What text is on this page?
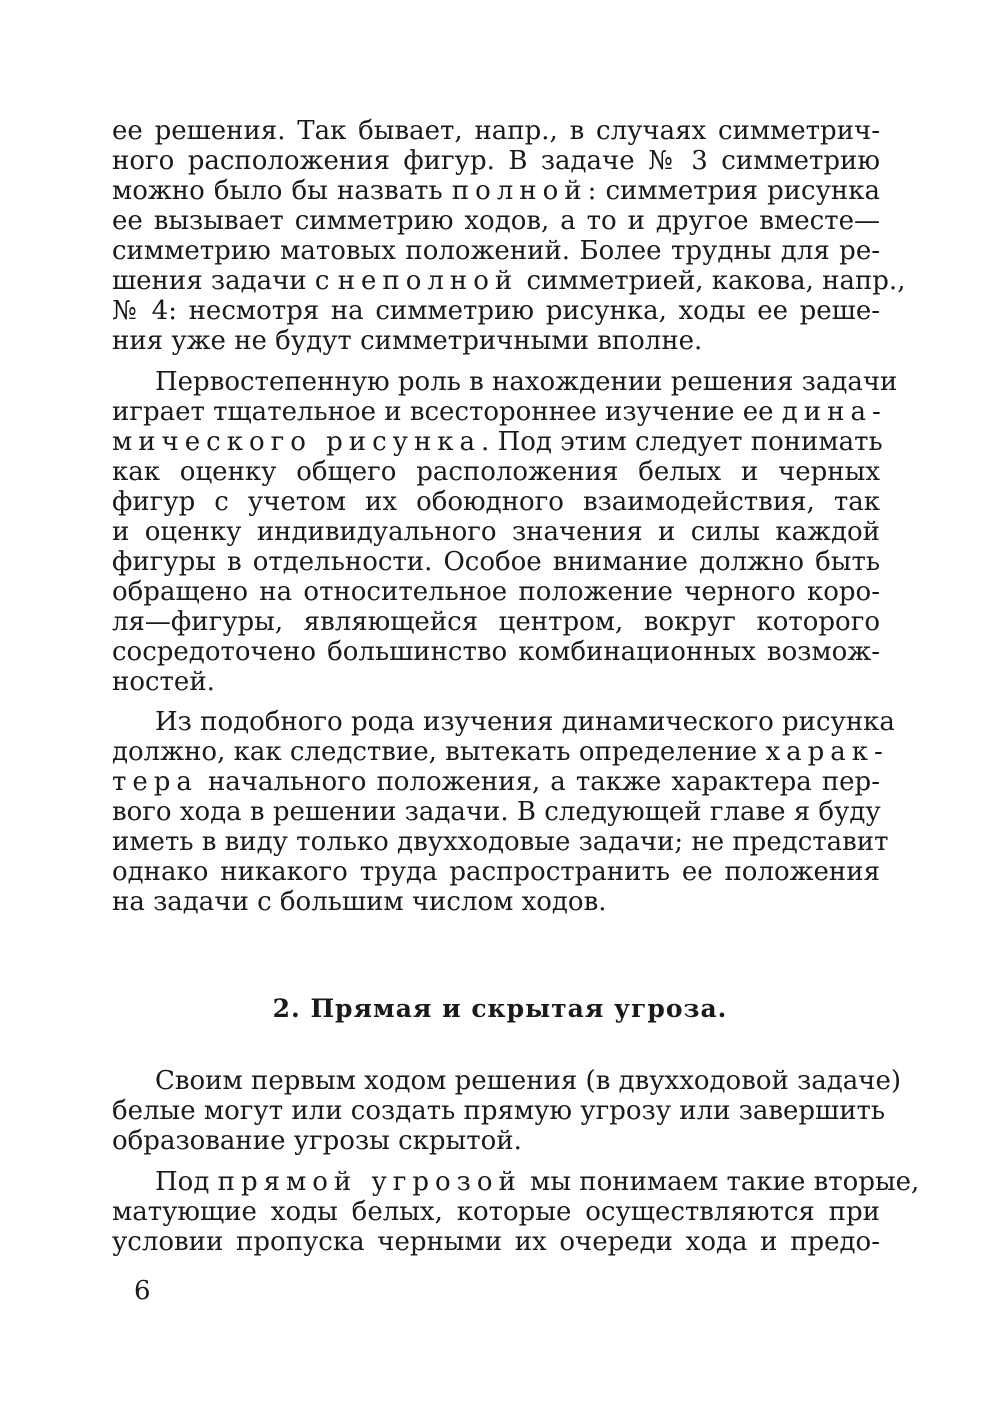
ее решения. Так бывает, напр., в случаях симметрич-
ного расположения фигур. В задаче № 3 симметрию
можно было бы назвать полной: симметрия рисунка
ее вызывает симметрию ходов, а то и другое вместе—
симметрию матовых положений. Более трудны для ре-
шения задачи с неполной симметрией, какова, напр.,
№ 4: несмотря на симметрию рисунка, ходы ее реше-
ния уже не будут симметричными вполне.
Первостепенную роль в нахождении решения задачи
играет тщательное и всестороннее изучение ее дина-
мического рисунка. Под этим следует понимать
как оценку общего расположения белых и черных
фигур с учетом их обоюдного взаимодействия, так
и оценку индивидуального значения и силы каждой
фигуры в отдельности. Особое внимание должно быть
обращено на относительное положение черного коро-
ля—фигуры, являющейся центром, вокруг которого
сосредоточено большинство комбинационных возмож-
ностей.
Из подобного рода изучения динамического рисунка
должно, как следствие, вытекать определение харак-
тера начального положения, а также характера пер-
вого хода в решении задачи. В следующей главе я буду
иметь в виду только двухходовые задачи; не представит
однако никакого труда распространить ее положения
на задачи с большим числом ходов.
2. Прямая и скрытая угроза.
Своим первым ходом решения (в двухходовой задаче)
белые могут или создать прямую угрозу или завершить
образование угрозы скрытой.
Под прямой угрозой мы понимаем такие вторые,
матующие ходы белых, которые осуществляются при
условии пропуска черными их очереди хода и предо-
6
